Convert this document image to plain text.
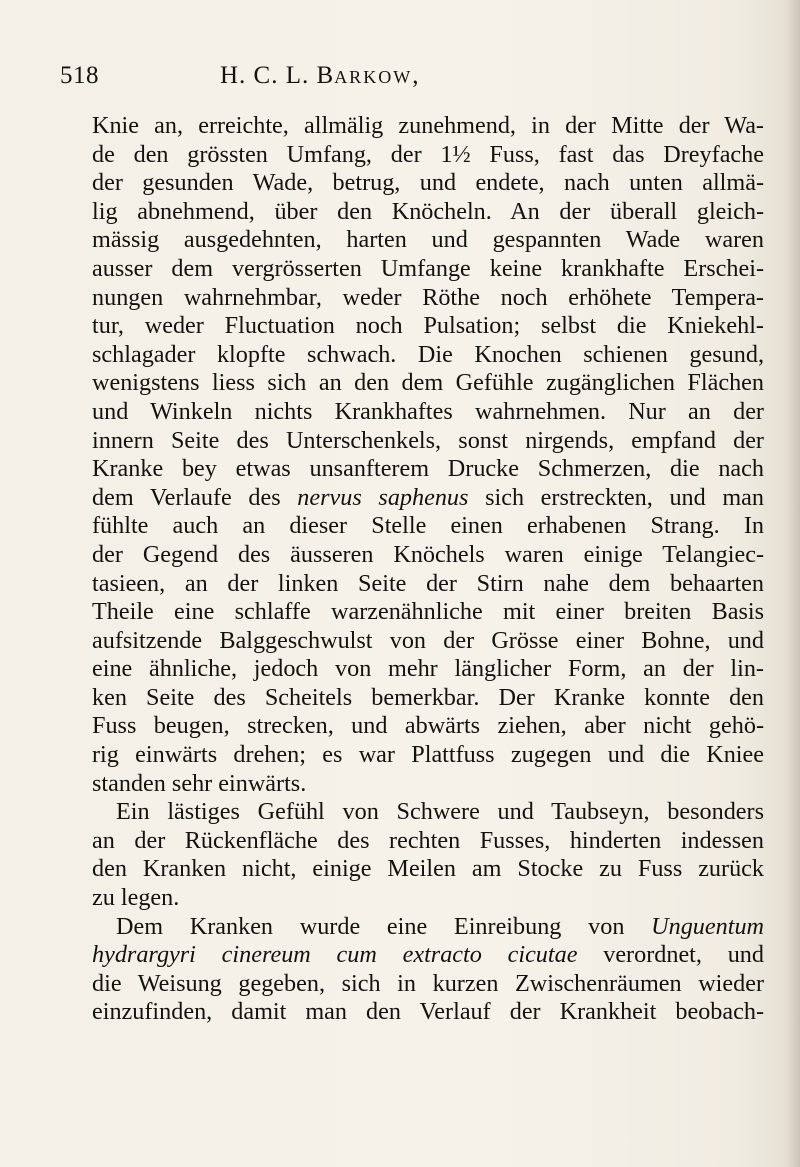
518	H. C. L. BARKOW,
Knie an, erreichte, allmälig zunehmend, in der Mitte der Wa-
de den grössten Umfang, der 1½ Fuss, fast das Dreyfache
der gesunden Wade, betrug, und endete, nach unten allmä-
lig abnehmend, über den Knöcheln. An der überall gleich-
mässig ausgedehnten, harten und gespannten Wade waren
ausser dem vergrösserten Umfange keine krankhafte Erschei-
nungen wahrnehmbar, weder Röthe noch erhöhete Tempera-
tur, weder Fluctuation noch Pulsation; selbst die Kniekehl-
schlagader klopfte schwach. Die Knochen schienen gesund,
wenigstens liess sich an den dem Gefühle zugänglichen Flächen
und Winkeln nichts Krankhaftes wahrnehmen. Nur an der
innern Seite des Unterschenkels, sonst nirgends, empfand der
Kranke bey etwas unsanfterem Drucke Schmerzen, die nach
dem Verlaufe des nervus saphenus sich erstreckten, und man
fühlte auch an dieser Stelle einen erhabenen Strang. In
der Gegend des äusseren Knöchels waren einige Telangiec-
tasieen, an der linken Seite der Stirn nahe dem behaarten
Theile eine schlaffe warzenähnliche mit einer breiten Basis
aufsitzende Balggeschwulst von der Grösse einer Bohne, und
eine ähnliche, jedoch von mehr länglicher Form, an der lin-
ken Seite des Scheitels bemerkbar. Der Kranke konnte den
Fuss beugen, strecken, und abwärts ziehen, aber nicht gehö-
rig einwärts drehen; es war Plattfuss zugegen und die Kniee
standen sehr einwärts.
Ein lästiges Gefühl von Schwere und Taubseyn, besonders
an der Rückenfläche des rechten Fusses, hinderten indessen
den Kranken nicht, einige Meilen am Stocke zu Fuss zurück
zu legen.
Dem Kranken wurde eine Einreibung von Unguentum
hydrargyri cinereum cum extracto cicutae verordnet, und
die Weisung gegeben, sich in kurzen Zwischenräumen wieder
einzufinden, damit man den Verlauf der Krankheit beobach-
